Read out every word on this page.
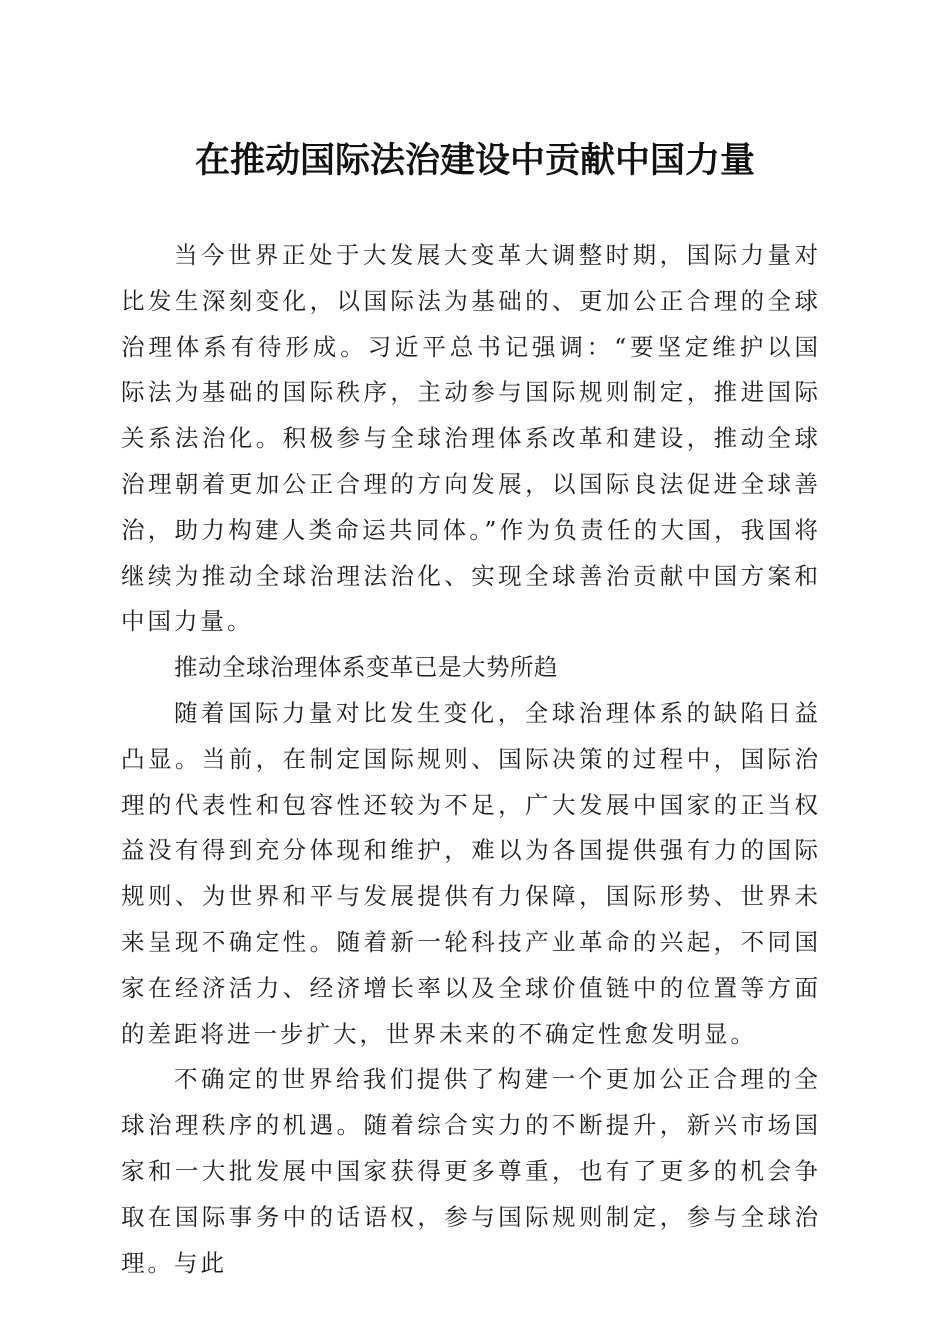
在推动国际法治建设中贡献中国力量

当今世界正处于大发展大变革大调整时期，国际力量对比发生深刻变化，以国际法为基础的、更加公正合理的全球治理体系有待形成。习近平总书记强调：“要坚定维护以国际法为基础的国际秩序，主动参与国际规则制定，推进国际关系法治化。积极参与全球治理体系改革和建设，推动全球治理朝着更加公正合理的方向发展，以国际良法促进全球善治，助力构建人类命运共同体。”作为负责任的大国，我国将继续为推动全球治理法治化、实现全球善治贡献中国方案和中国力量。

推动全球治理体系变革已是大势所趋

随着国际力量对比发生变化，全球治理体系的缺陷日益凸显。当前，在制定国际规则、国际决策的过程中，国际治理的代表性和包容性还较为不足，广大发展中国家的正当权益没有得到充分体现和维护，难以为各国提供强有力的国际规则、为世界和平与发展提供有力保障，国际形势、世界未来呈现不确定性。随着新一轮科技产业革命的兴起，不同国家在经济活力、经济增长率以及全球价值链中的位置等方面的差距将进一步扩大，世界未来的不确定性愈发明显。

不确定的世界给我们提供了构建一个更加公正合理的全球治理秩序的机遇。随着综合实力的不断提升，新兴市场国家和一大批发展中国家获得更多尊重，也有了更多的机会争取在国际事务中的话语权，参与国际规则制定，参与全球治理。与此
